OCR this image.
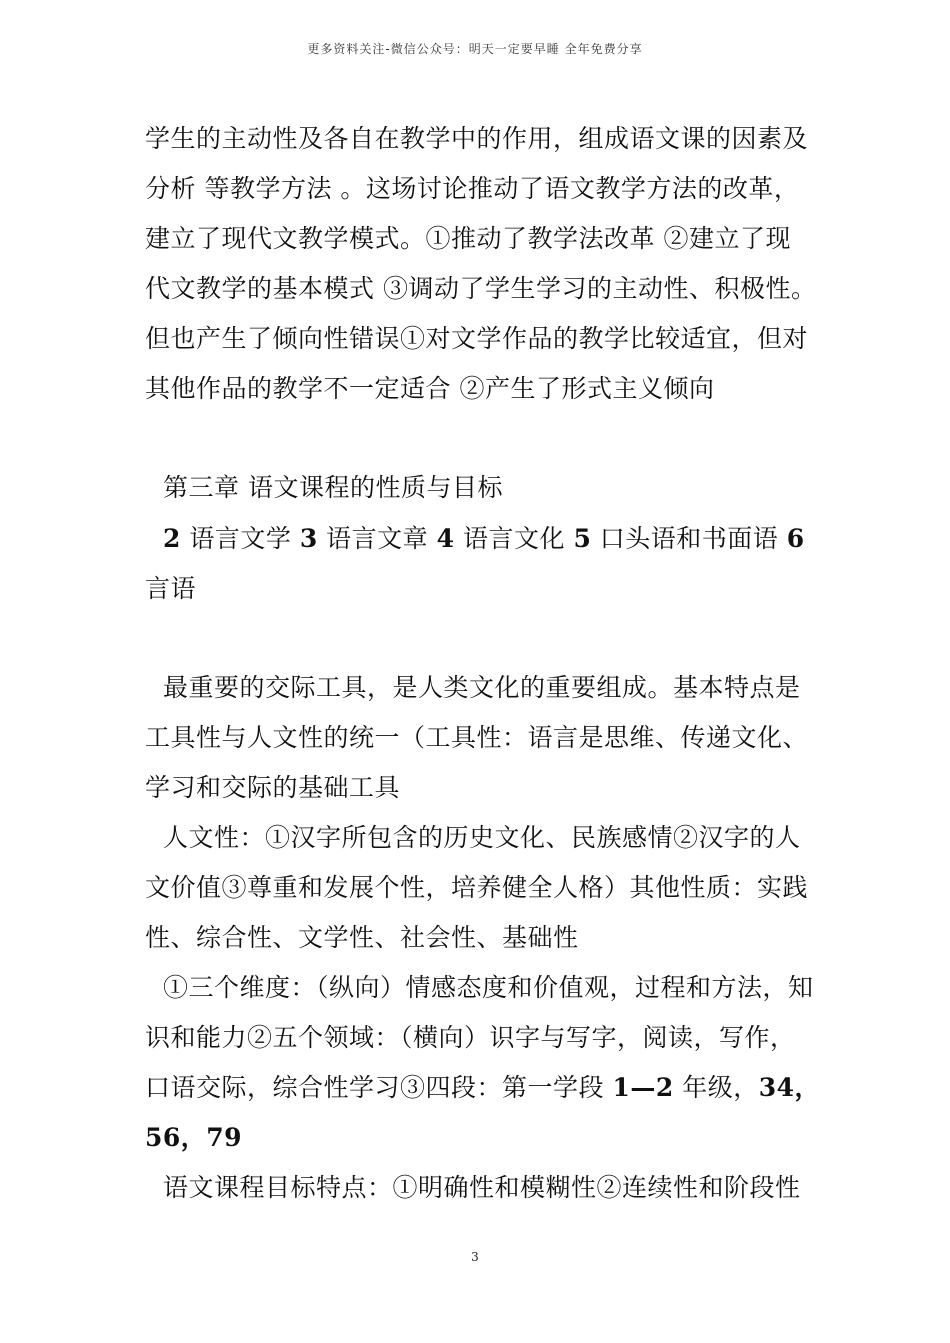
更多资料关注-微信公众号：明天一定要早睡 全年免费分享
学生的主动性及各自在教学中的作用，组成语文课的因素及
分析 等教学方法 。这场讨论推动了语文教学方法的改革，
建立了现代文教学模式。①推动了教学法改革 ②建立了现
代文教学的基本模式 ③调动了学生学习的主动性、积极性。
但也产生了倾向性错误①对文学作品的教学比较适宜，但对
其他作品的教学不一定适合 ②产生了形式主义倾向
第三章 语文课程的性质与目标
2 语言文学 3 语言文章 4 语言文化 5 口头语和书面语 6
言语
最重要的交际工具，是人类文化的重要组成。基本特点是
工具性与人文性的统一（工具性：语言是思维、传递文化、
学习和交际的基础工具
人文性：①汉字所包含的历史文化、民族感情②汉字的人
文价值③尊重和发展个性，培养健全人格）其他性质：实践
性、综合性、文学性、社会性、基础性
①三个维度：（纵向）情感态度和价值观，过程和方法，知
识和能力②五个领域：（横向）识字与写字，阅读，写作，
口语交际，综合性学习③四段：第一学段 1—2 年级，34，
56，79
语文课程目标特点：①明确性和模糊性②连续性和阶段性
3
